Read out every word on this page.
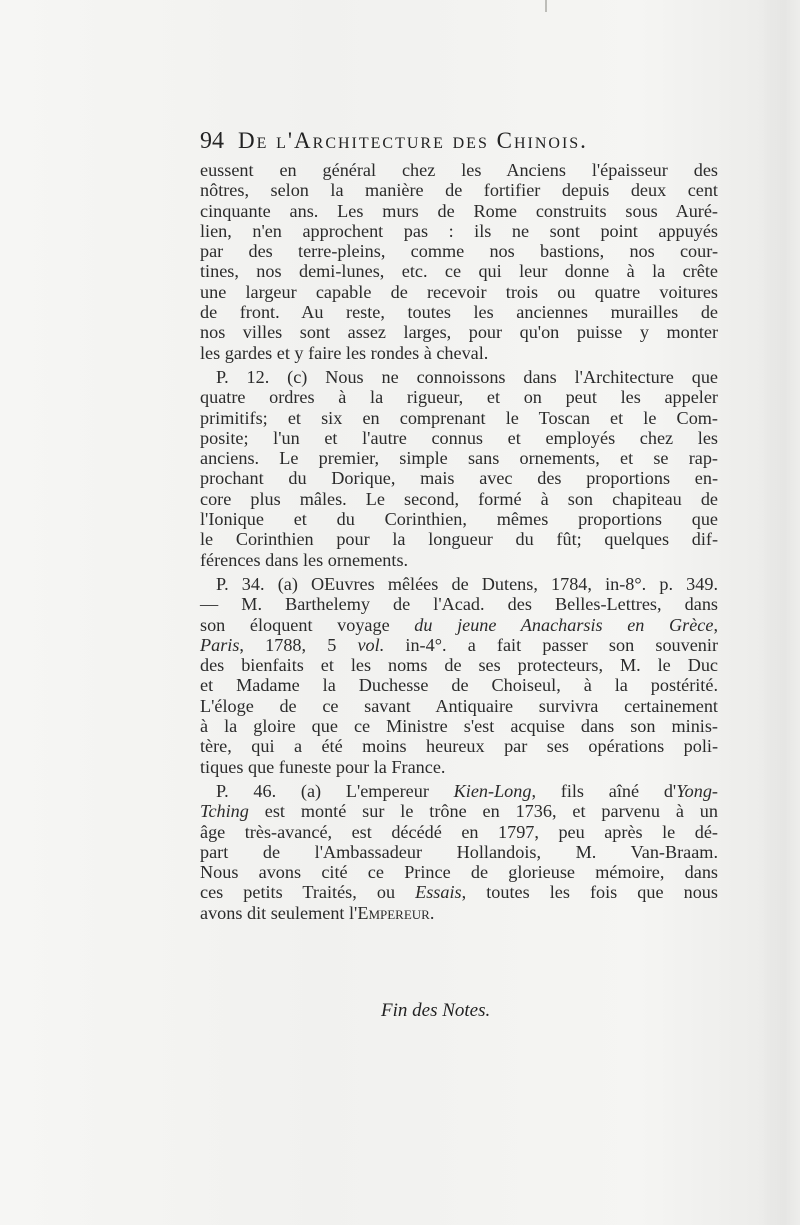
94 De l'Architecture des Chinois.
eussent en général chez les Anciens l'épaisseur des
nôtres, selon la manière de fortifier depuis deux cent
cinquante ans. Les murs de Rome construits sous Auré-
lien, n'en approchent pas : ils ne sont point appuyés
par des terre-pleins, comme nos bastions, nos cour-
tines, nos demi-lunes, etc. ce qui leur donne à la crête
une largeur capable de recevoir trois ou quatre voitures
de front. Au reste, toutes les anciennes murailles de
nos villes sont assez larges, pour qu'on puisse y monter
les gardes et y faire les rondes à cheval.
P. 12. (c) Nous ne connoissons dans l'Architecture que
quatre ordres à la rigueur, et on peut les appeler
primitifs; et six en comprenant le Toscan et le Com-
posite; l'un et l'autre connus et employés chez les
anciens. Le premier, simple sans ornements, et se rap-
prochant du Dorique, mais avec des proportions en-
core plus mâles. Le second, formé à son chapiteau de
l'Ionique et du Corinthien, mêmes proportions que
le Corinthien pour la longueur du fût; quelques dif-
férences dans les ornements.
P. 34. (a) OEuvres mêlées de Dutens, 1784, in-8°. p. 349.
— M. Barthelemy de l'Acad. des Belles-Lettres, dans
son éloquent voyage du jeune Anacharsis en Grèce,
Paris, 1788, 5 vol. in-4°. a fait passer son souvenir
des bienfaits et les noms de ses protecteurs, M. le Duc
et Madame la Duchesse de Choiseul, à la postérité.
L'éloge de ce savant Antiquaire survivra certainement
à la gloire que ce Ministre s'est acquise dans son minis-
tère, qui a été moins heureux par ses opérations poli-
tiques que funeste pour la France.
P. 46. (a) L'empereur Kien-Long, fils aîné d'Yong-
Tching est monté sur le trône en 1736, et parvenu à un
âge très-avancé, est décédé en 1797, peu après le dé-
part de l'Ambassadeur Hollandois, M. Van-Braam.
Nous avons cité ce Prince de glorieuse mémoire, dans
ces petits Traités, ou Essais, toutes les fois que nous
avons dit seulement l'Empereur.
Fin des Notes.
